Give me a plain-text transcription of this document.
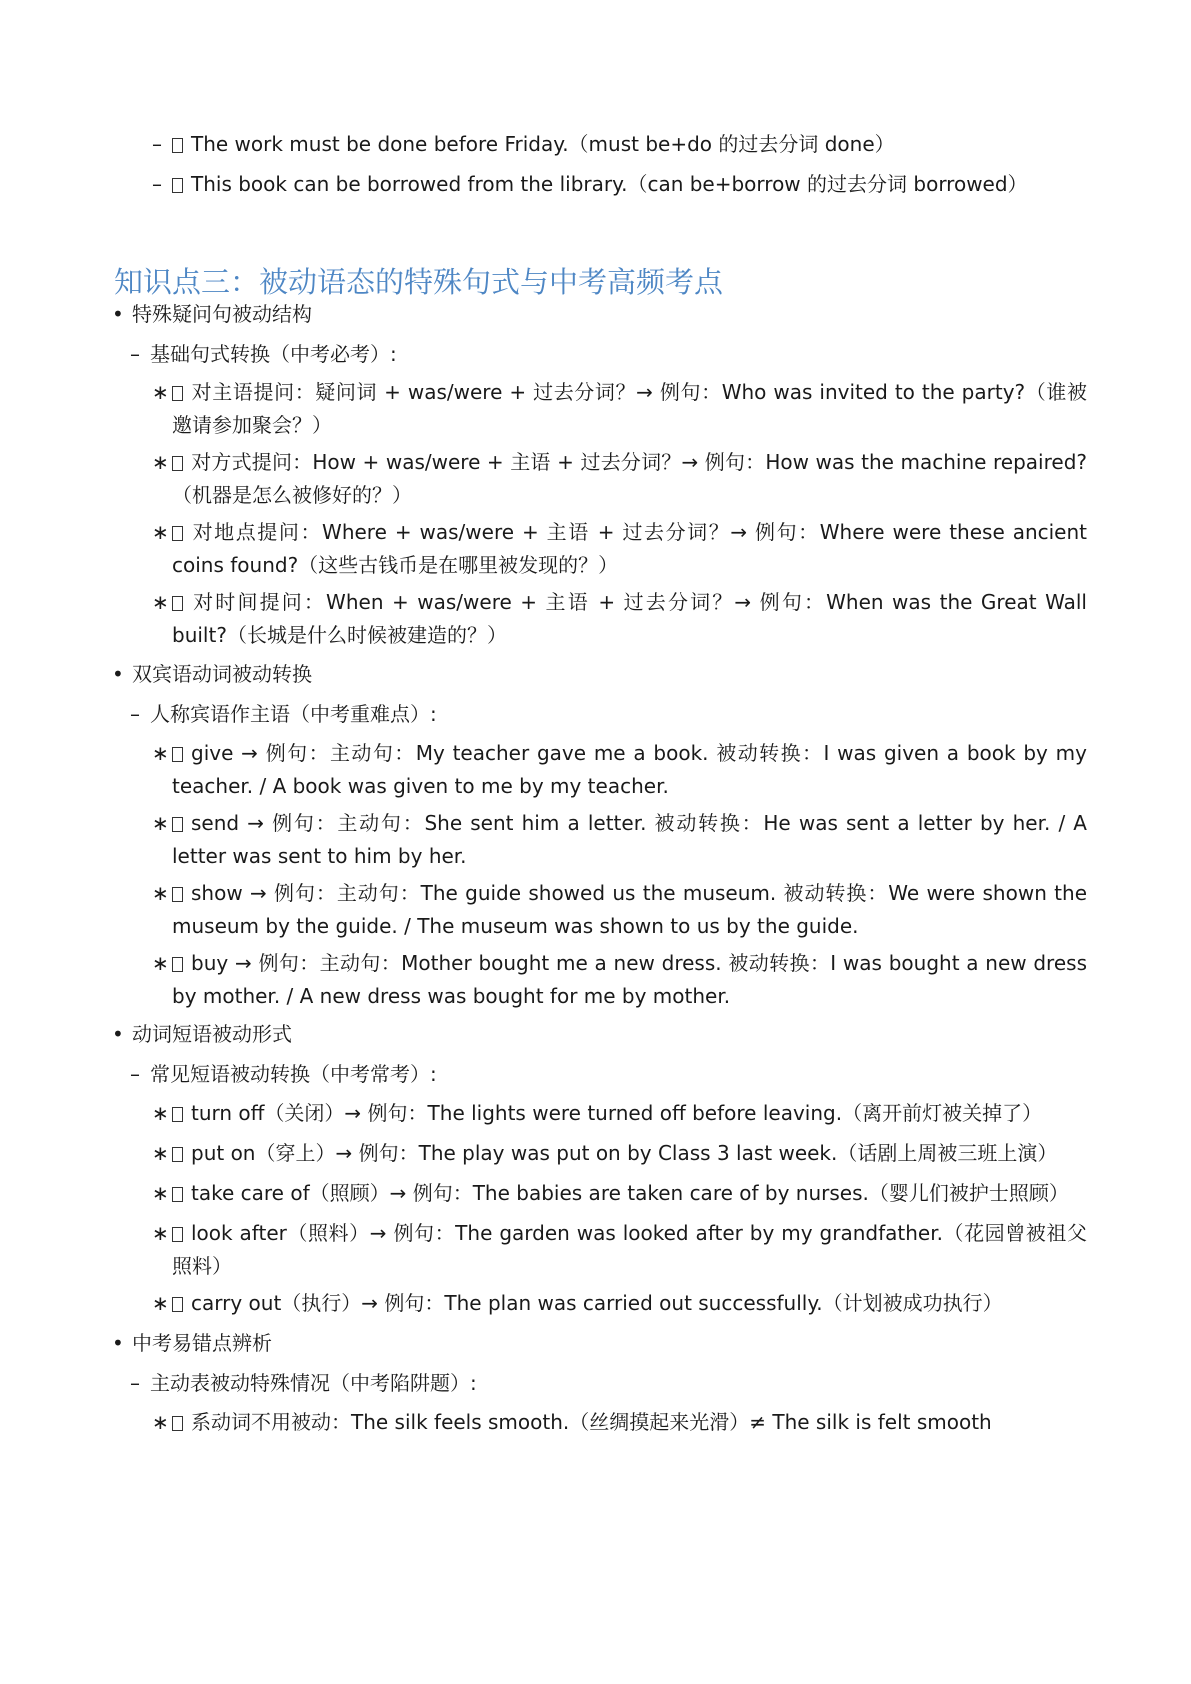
–	The work must be done before Friday.（must be+do 的过去分词 done）
–	This book can be borrowed from the library.（can be+borrow 的过去分词 borrowed）
知识点三：被动语态的特殊句式与中考高频考点
• 特殊疑问句被动结构
– 基础句式转换（中考必考）:
∗	对主语提问：疑问词 + was/were + 过去分词？→ 例句：Who was invited to the party?（谁被邀请参加聚会？）
∗	对方式提问：How + was/were + 主语 + 过去分词？→ 例句：How was the machine repaired?（机器是怎么被修好的？）
∗	对地点提问：Where + was/were + 主语 + 过去分词？→ 例句：Where were these ancient coins found?（这些古钱币是在哪里被发现的？）
∗	对时间提问：When + was/were + 主语 + 过去分词？→ 例句：When was the Great Wall built?（长城是什么时候被建造的？）
• 双宾语动词被动转换
– 人称宾语作主语（中考重难点）:
∗	give → 例句：主动句：My teacher gave me a book. 被动转换：I was given a book by my teacher. / A book was given to me by my teacher.
∗	send → 例句：主动句：She sent him a letter. 被动转换：He was sent a letter by her. / A letter was sent to him by her.
∗	show → 例句：主动句：The guide showed us the museum. 被动转换：We were shown the museum by the guide. / The museum was shown to us by the guide.
∗	buy → 例句：主动句：Mother bought me a new dress. 被动转换：I was bought a new dress by mother. / A new dress was bought for me by mother.
• 动词短语被动形式
– 常见短语被动转换（中考常考）:
∗	turn off（关闭）→ 例句：The lights were turned off before leaving.（离开前灯被关掉了）
∗	put on（穿上）→ 例句：The play was put on by Class 3 last week.（话剧上周被三班上演）
∗	take care of（照顾）→ 例句：The babies are taken care of by nurses.（婴儿们被护士照顾）
∗	look after（照料）→ 例句：The garden was looked after by my grandfather.（花园曾被祖父照料）
∗	carry out（执行）→ 例句：The plan was carried out successfully.（计划被成功执行）
• 中考易错点辨析
– 主动表被动特殊情况（中考陷阱题）:
∗	系动词不用被动：The silk feels smooth.（丝绸摸起来光滑）≠ The silk is felt smooth
